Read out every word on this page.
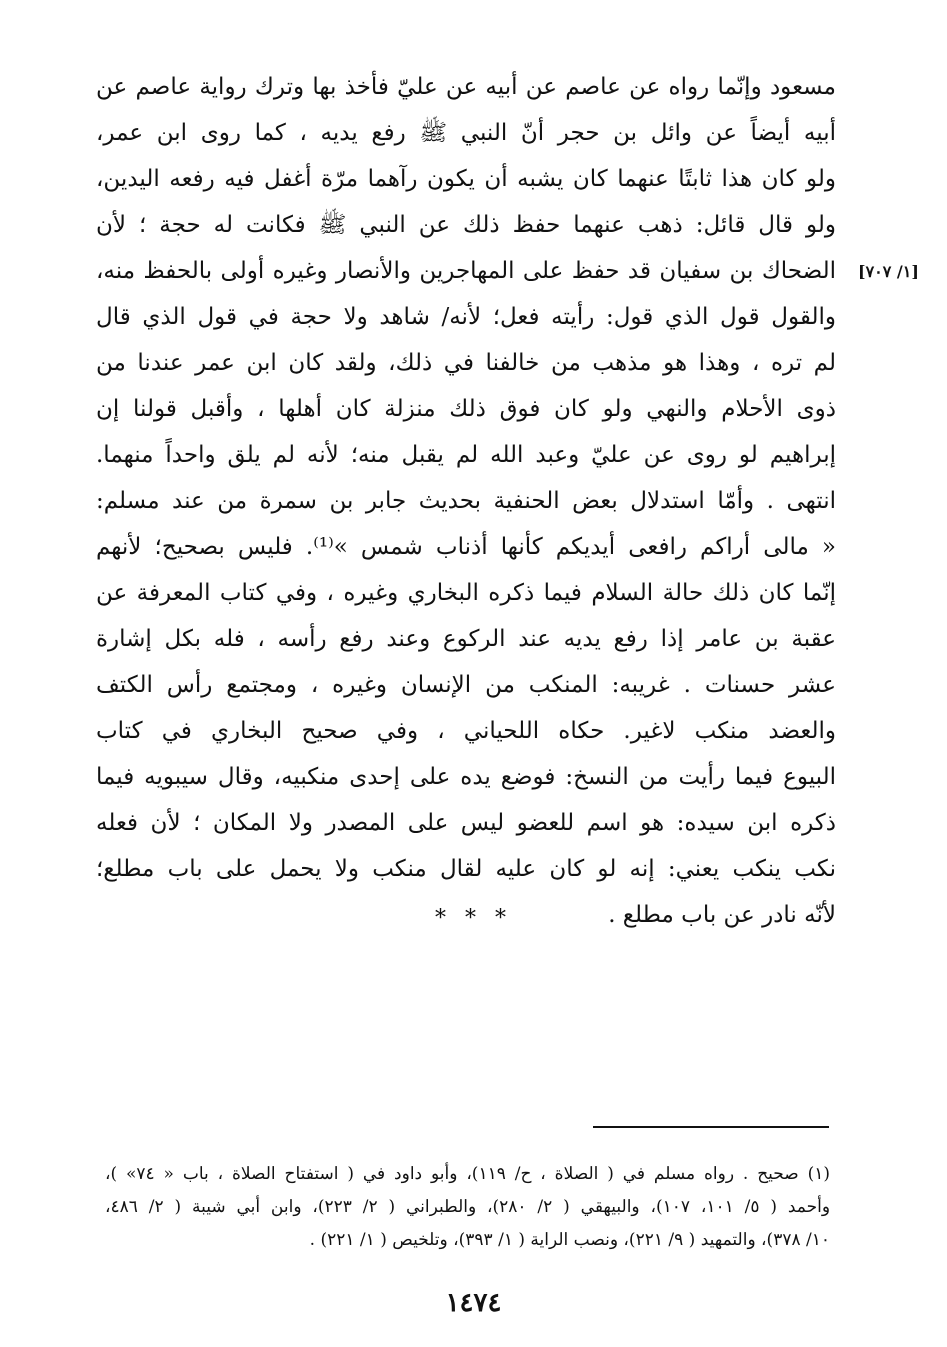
مسعود وإنّما رواه عن عاصم عن أبيه عن عليّ فأخذ بها وترك رواية عاصم عن
أبيه أيضاً عن وائل بن حجر أنّ النبي ﷺ رفع يديه ، كما روى ابن عمر،
ولو كان هذا ثابتًا عنهما كان يشبه أن يكون رآهما مرّة أغفل فيه رفعه اليدين،
ولو قال قائل: ذهب عنهما حفظ ذلك عن النبي ﷺ فكانت له حجة ؛ لأن
الضحاك بن سفيان قد حفظ على المهاجرين والأنصار وغيره أولى بالحفظ منه،
والقول قول الذي قول: رأيته فعل؛ لأنه/ شاهد ولا حجة في قول الذي قال
لم تره ، وهذا هو مذهب من خالفنا في ذلك، ولقد كان ابن عمر عندنا من
ذوى الأحلام والنهي ولو كان فوق ذلك منزلة كان أهلها ، وأقبل قولنا إن
إبراهيم لو روى عن عليّ وعبد الله لم يقبل منه؛ لأنه لم يلق واحداً منهما.
انتهى . وأمّا استدلال بعض الحنفية بحديث جابر بن سمرة من عند مسلم:
« مالى أراكم رافعى أيديكم كأنها أذناب شمس »⁽¹⁾. فليس بصحيح؛ لأنهم
إنّما كان ذلك حالة السلام فيما ذكره البخاري وغيره ، وفي كتاب المعرفة عن
عقبة بن عامر إذا رفع يديه عند الركوع وعند رفع رأسه ، فله بكل إشارة
عشر حسنات . غريبه: المنكب من الإنسان وغيره ، ومجتمع رأس الكتف
والعضد منكب لاغير. حكاه اللحياني ، وفي صحيح البخاري في كتاب
البيوع فيما رأيت من النسخ: فوضع يده على إحدى منكبيه، وقال سيبويه فيما
ذكره ابن سيده: هو اسم للعضو ليس على المصدر ولا المكان ؛ لأن فعله
نكب ينكب يعني: إنه لو كان عليه لقال منكب ولا يحمل على باب مطلع؛
لأنّه نادر عن باب مطلع .
[١/ ٧٠٧]
* * *
(١) صحيح . رواه مسلم في ( الصلاة ، ح/ ١١٩)، وأبو داود في ( استفتاح الصلاة ، باب « ٧٤» )،
وأحمد ( ٥/ ١٠١، ١٠٧)، والبيهقي ( ٢/ ٢٨٠)، والطبراني ( ٢/ ٢٢٣)، وابن أبي شيبة ( ٢/ ٤٨٦،
١٠/ ٣٧٨)، والتمهيد ( ٩/ ٢٢١)، ونصب الراية ( ١/ ٣٩٣)، وتلخيص ( ١/ ٢٢١) .
١٤٧٤
